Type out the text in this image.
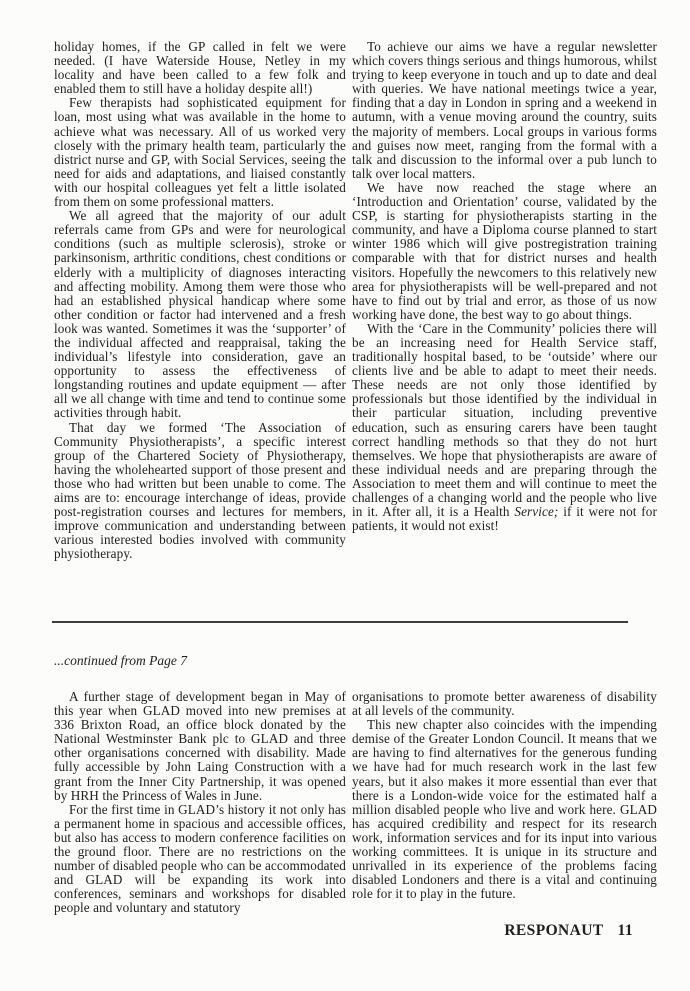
holiday homes, if the GP called in felt we were needed. (I have Waterside House, Netley in my locality and have been called to a few folk and enabled them to still have a holiday despite all!)

Few therapists had sophisticated equipment for loan, most using what was available in the home to achieve what was necessary. All of us worked very closely with the primary health team, particularly the district nurse and GP, with Social Services, seeing the need for aids and adaptations, and liaised constantly with our hospital colleagues yet felt a little isolated from them on some professional matters.

We all agreed that the majority of our adult referrals came from GPs and were for neurological conditions (such as multiple sclerosis), stroke or parkinsonism, arthritic conditions, chest conditions or elderly with a multiplicity of diagnoses interacting and affecting mobility. Among them were those who had an established physical handicap where some other condition or factor had intervened and a fresh look was wanted. Sometimes it was the ‘supporter’ of the individual affected and reappraisal, taking the individual’s lifestyle into consideration, gave an opportunity to assess the effectiveness of longstanding routines and update equipment — after all we all change with time and tend to continue some activities through habit.

That day we formed ‘The Association of Community Physiotherapists’, a specific interest group of the Chartered Society of Physiotherapy, having the wholehearted support of those present and those who had written but been unable to come. The aims are to: encourage interchange of ideas, provide post-registration courses and lectures for members, improve communication and understanding between various interested bodies involved with community physiotherapy.

To achieve our aims we have a regular newsletter which covers things serious and things humorous, whilst trying to keep everyone in touch and up to date and deal with queries. We have national meetings twice a year, finding that a day in London in spring and a weekend in autumn, with a venue moving around the country, suits the majority of members. Local groups in various forms and guises now meet, ranging from the formal with a talk and discussion to the informal over a pub lunch to talk over local matters.

We have now reached the stage where an ‘Introduction and Orientation’ course, validated by the CSP, is starting for physiotherapists starting in the community, and have a Diploma course planned to start winter 1986 which will give postregistration training comparable with that for district nurses and health visitors. Hopefully the newcomers to this relatively new area for physiotherapists will be well-prepared and not have to find out by trial and error, as those of us now working have done, the best way to go about things.

With the ‘Care in the Community’ policies there will be an increasing need for Health Service staff, traditionally hospital based, to be ‘outside’ where our clients live and be able to adapt to meet their needs. These needs are not only those identified by professionals but those identified by the individual in their particular situation, including preventive education, such as ensuring carers have been taught correct handling methods so that they do not hurt themselves. We hope that physiotherapists are aware of these individual needs and are preparing through the Association to meet them and will continue to meet the challenges of a changing world and the people who live in it. After all, it is a Health Service; if it were not for patients, it would not exist!

...continued from Page 7

A further stage of development began in May of this year when GLAD moved into new premises at 336 Brixton Road, an office block donated by the National Westminster Bank plc to GLAD and three other organisations concerned with disability. Made fully accessible by John Laing Construction with a grant from the Inner City Partnership, it was opened by HRH the Princess of Wales in June.

For the first time in GLAD’s history it not only has a permanent home in spacious and accessible offices, but also has access to modern conference facilities on the ground floor. There are no restrictions on the number of disabled people who can be accommodated and GLAD will be expanding its work into conferences, seminars and workshops for disabled people and voluntary and statutory

organisations to promote better awareness of disability at all levels of the community.

This new chapter also coincides with the impending demise of the Greater London Council. It means that we are having to find alternatives for the generous funding we have had for much research work in the last few years, but it also makes it more essential than ever that there is a London-wide voice for the estimated half a million disabled people who live and work here. GLAD has acquired credibility and respect for its research work, information services and for its input into various working committees. It is unique in its structure and unrivalled in its experience of the problems facing disabled Londoners and there is a vital and continuing role for it to play in the future.

RESPONAUT 11
